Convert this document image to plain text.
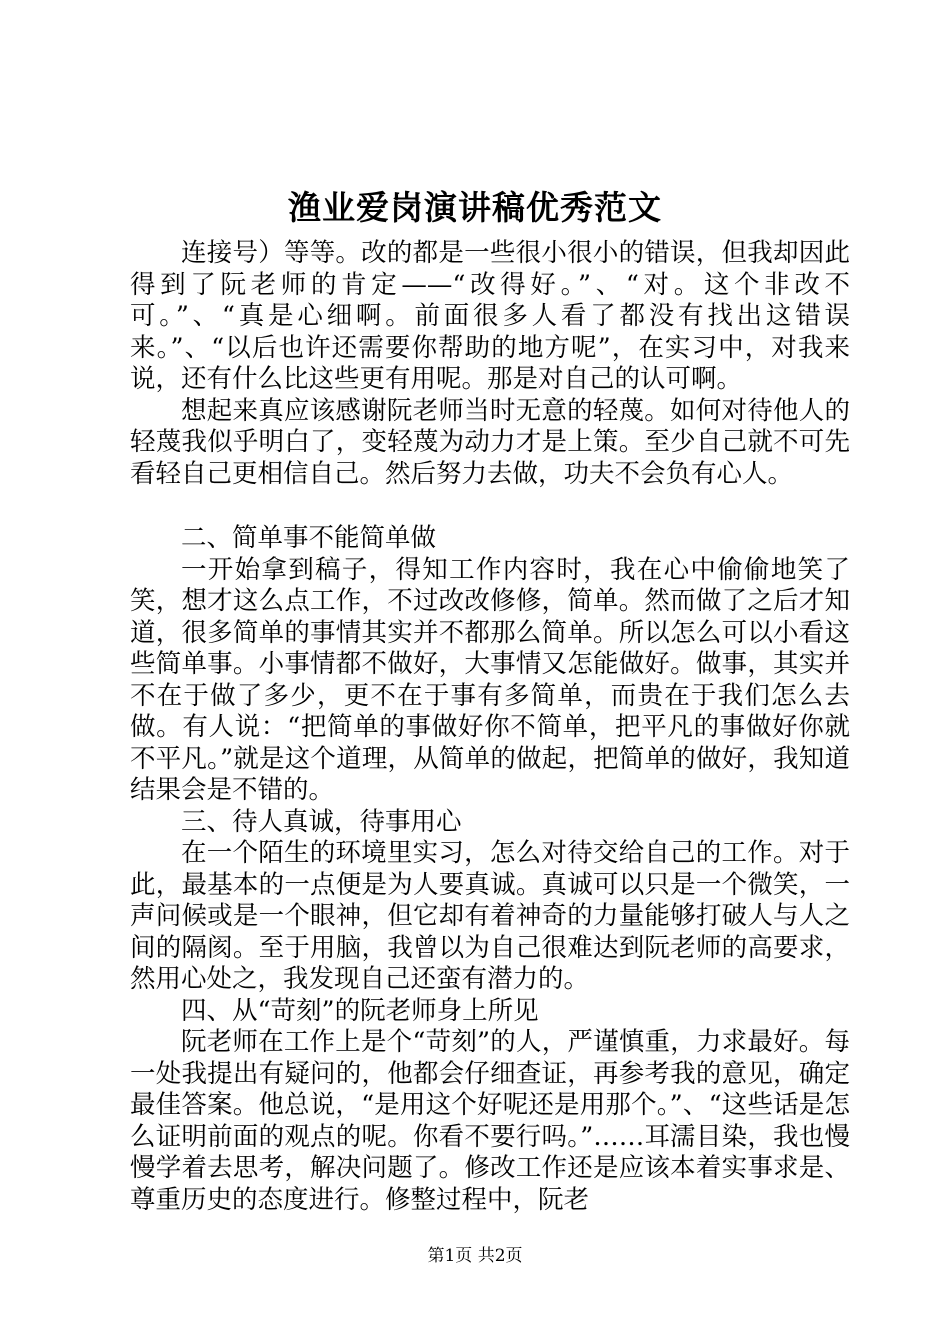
渔业爱岗演讲稿优秀范文

连接号）等等。改的都是一些很小很小的错误，但我却因此得到了阮老师的肯定——“改得好。”、“对。这个非改不可。”、“真是心细啊。前面很多人看了都没有找出这错误来。”、“以后也许还需要你帮助的地方呢”，在实习中，对我来说，还有什么比这些更有用呢。那是对自己的认可啊。

想起来真应该感谢阮老师当时无意的轻蔑。如何对待他人的轻蔑我似乎明白了，变轻蔑为动力才是上策。至少自己就不可先看轻自己更相信自己。然后努力去做，功夫不会负有心人。

二、简单事不能简单做

一开始拿到稿子，得知工作内容时，我在心中偷偷地笑了笑，想才这么点工作，不过改改修修，简单。然而做了之后才知道，很多简单的事情其实并不都那么简单。所以怎么可以小看这些简单事。小事情都不做好，大事情又怎能做好。做事，其实并不在于做了多少，更不在于事有多简单，而贵在于我们怎么去做。有人说：“把简单的事做好你不简单，把平凡的事做好你就不平凡。”就是这个道理，从简单的做起，把简单的做好，我知道结果会是不错的。

三、待人真诚，待事用心

在一个陌生的环境里实习，怎么对待交给自己的工作。对于此，最基本的一点便是为人要真诚。真诚可以只是一个微笑，一声问候或是一个眼神，但它却有着神奇的力量能够打破人与人之间的隔阂。至于用脑，我曾以为自己很难达到阮老师的高要求，然用心处之，我发现自己还蛮有潜力的。

四、从“苛刻”的阮老师身上所见

阮老师在工作上是个“苛刻”的人，严谨慎重，力求最好。每一处我提出有疑问的，他都会仔细查证，再参考我的意见，确定最佳答案。他总说，“是用这个好呢还是用那个。”、“这些话是怎么证明前面的观点的呢。你看不要行吗。”……耳濡目染，我也慢慢学着去思考，解决问题了。修改工作还是应该本着实事求是、尊重历史的态度进行。修整过程中，阮老

第1页 共2页
